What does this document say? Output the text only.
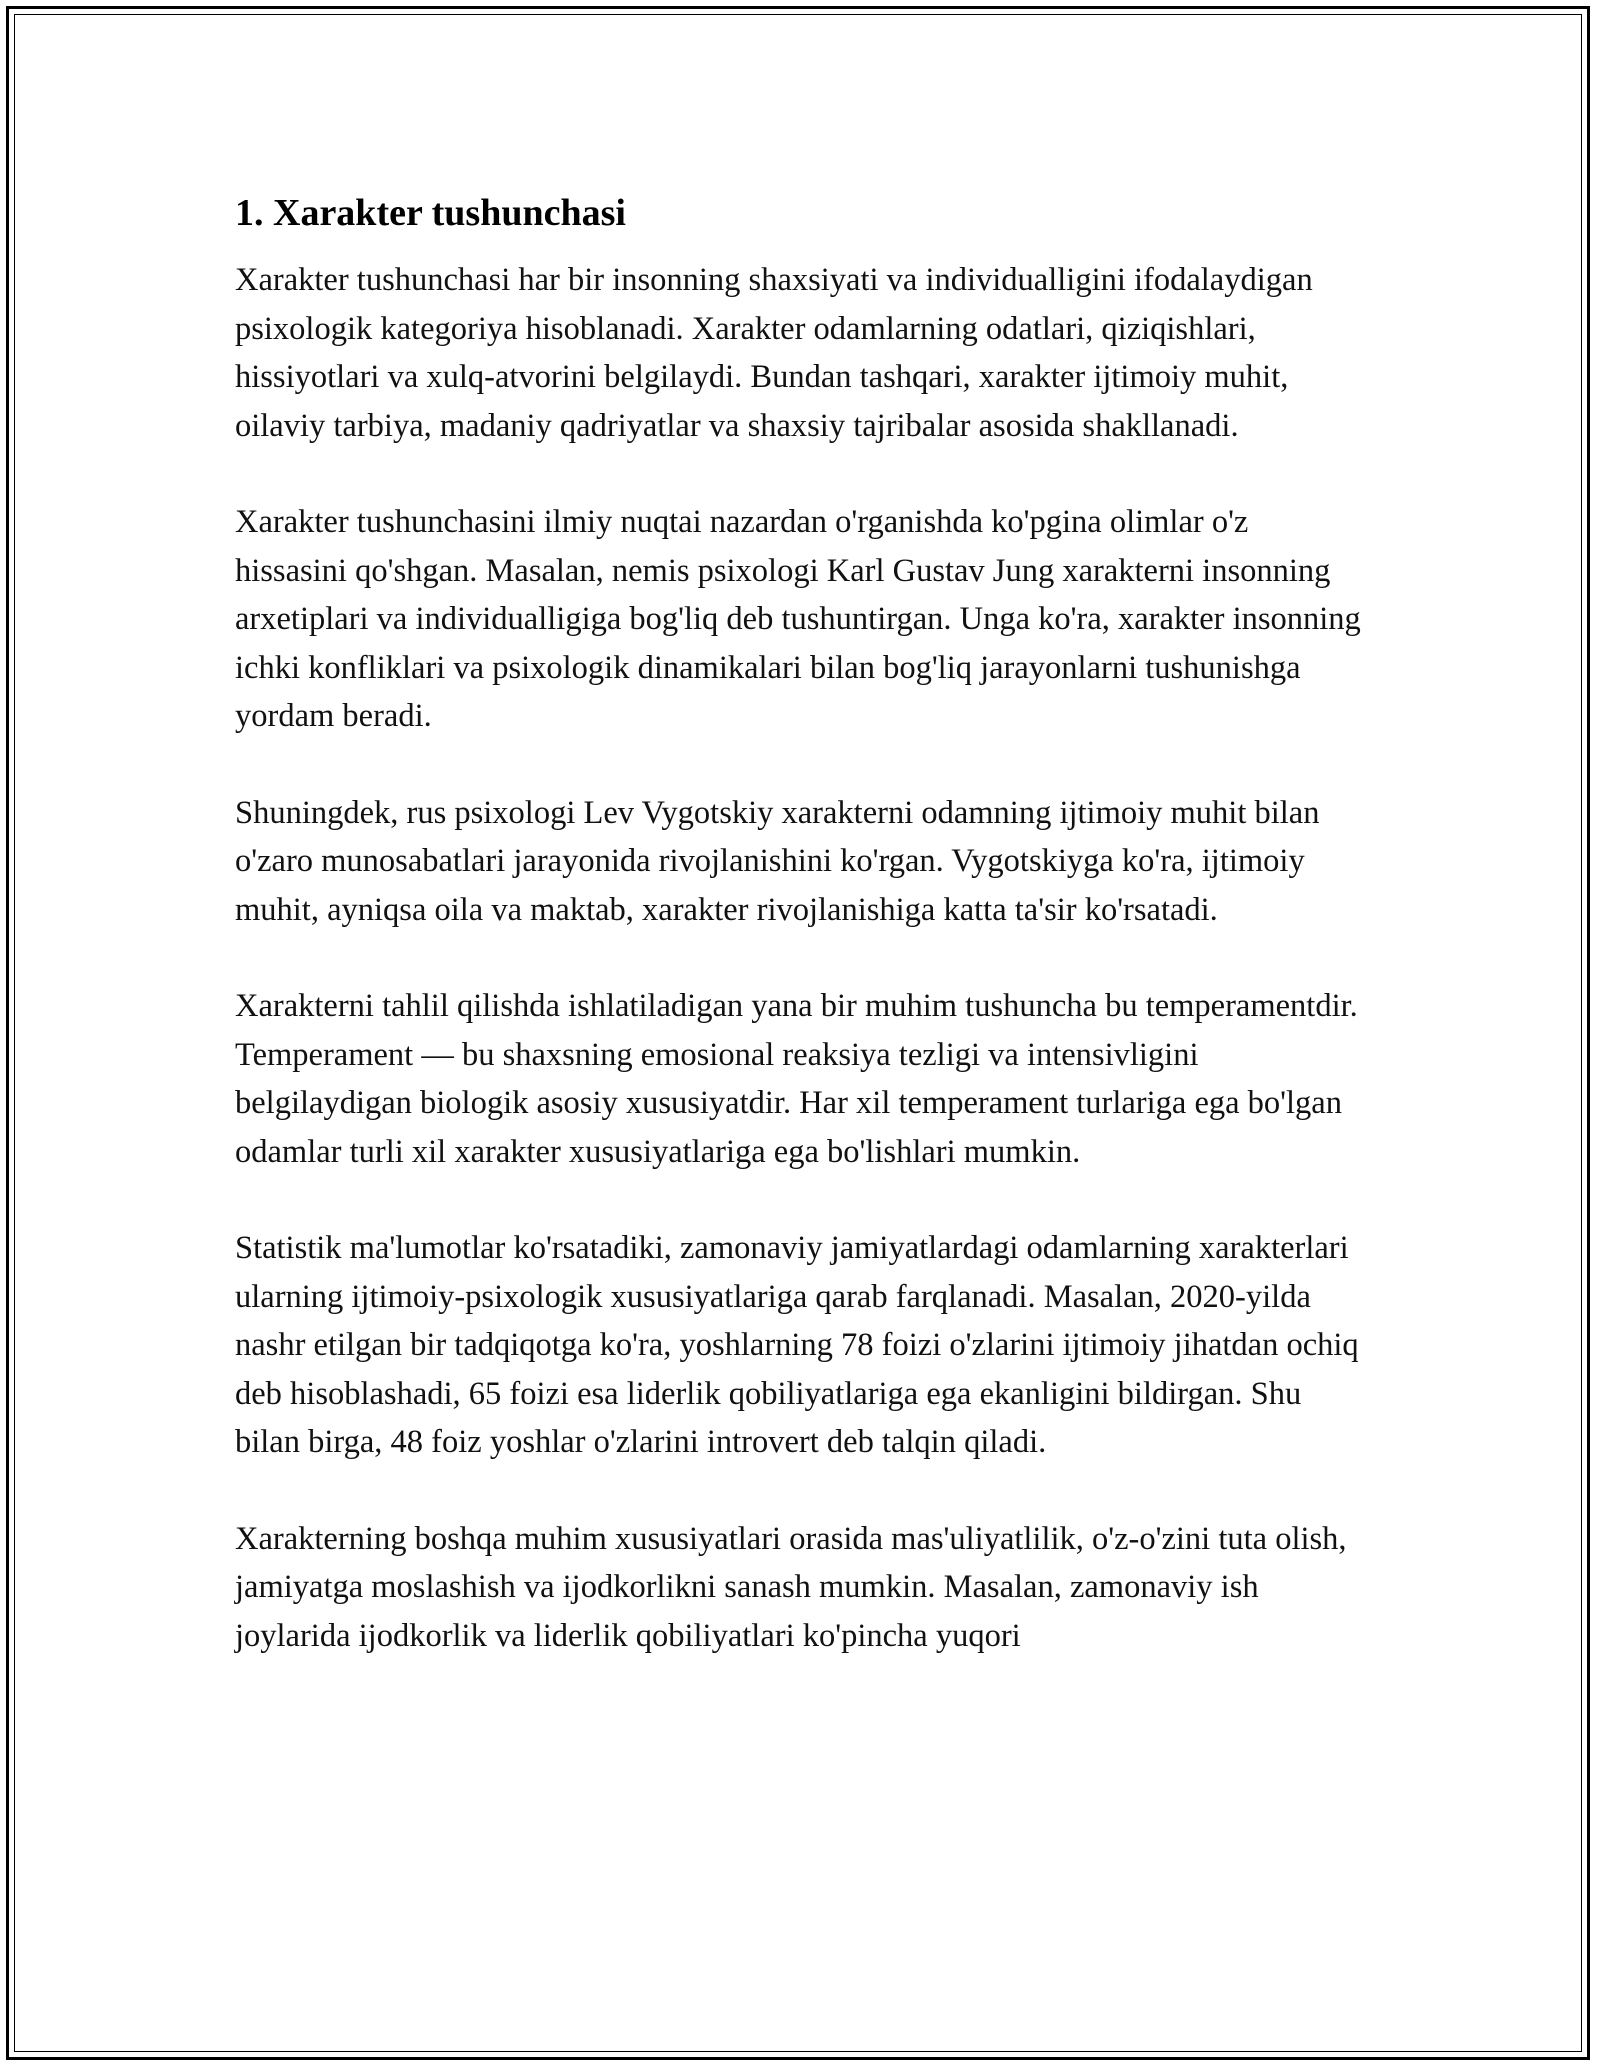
1. Xarakter tushunchasi

Xarakter tushunchasi har bir insonning shaxsiyati va individualligini ifodalaydigan psixologik kategoriya hisoblanadi. Xarakter odamlarning odatlari, qiziqishlari, hissiyotlari va xulq-atvorini belgilaydi. Bundan tashqari, xarakter ijtimoiy muhit, oilaviy tarbiya, madaniy qadriyatlar va shaxsiy tajribalar asosida shakllanadi.

Xarakter tushunchasini ilmiy nuqtai nazardan o'rganishda ko'pgina olimlar o'z hissasini qo'shgan. Masalan, nemis psixologi Karl Gustav Jung xarakterni insonning arxetiplari va individualligiga bog'liq deb tushuntirgan. Unga ko'ra, xarakter insonning ichki konfliklari va psixologik dinamikalari bilan bog'liq jarayonlarni tushunishga yordam beradi.

Shuningdek, rus psixologi Lev Vygotskiy xarakterni odamning ijtimoiy muhit bilan o'zaro munosabatlari jarayonida rivojlanishini ko'rgan. Vygotskiyga ko'ra, ijtimoiy muhit, ayniqsa oila va maktab, xarakter rivojlanishiga katta ta'sir ko'rsatadi.

Xarakterni tahlil qilishda ishlatiladigan yana bir muhim tushuncha bu temperamentdir. Temperament — bu shaxsning emosional reaksiya tezligi va intensivligini belgilaydigan biologik asosiy xususiyatdir. Har xil temperament turlariga ega bo'lgan odamlar turli xil xarakter xususiyatlariga ega bo'lishlari mumkin.

Statistik ma'lumotlar ko'rsatadiki, zamonaviy jamiyatlardagi odamlarning xarakterlari ularning ijtimoiy-psixologik xususiyatlariga qarab farqlanadi. Masalan, 2020-yilda nashr etilgan bir tadqiqotga ko'ra, yoshlarning 78 foizi o'zlarini ijtimoiy jihatdan ochiq deb hisoblashadi, 65 foizi esa liderlik qobiliyatlariga ega ekanligini bildirgan. Shu bilan birga, 48 foiz yoshlar o'zlarini introvert deb talqin qiladi.

Xarakterning boshqa muhim xususiyatlari orasida mas'uliyatlilik, o'z-o'zini tuta olish, jamiyatga moslashish va ijodkorlikni sanash mumkin. Masalan, zamonaviy ish joylarida ijodkorlik va liderlik qobiliyatlari ko'pincha yuqori
